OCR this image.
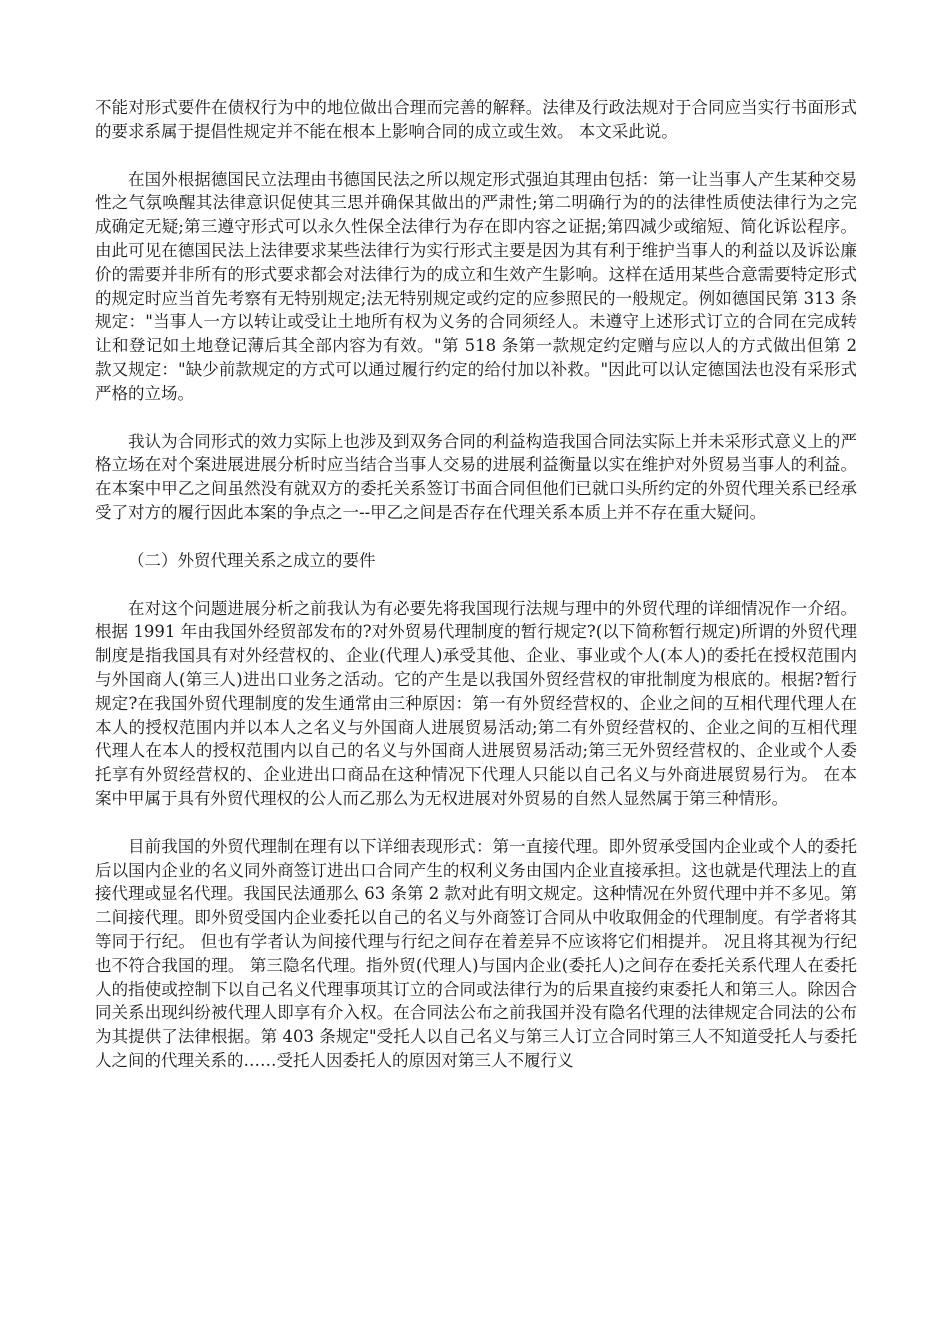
不能对形式要件在债权行为中的地位做出合理而完善的解释。法律及行政法规对于合同应当实行书面形式的要求系属于提倡性规定并不能在根本上影响合同的成立或生效。 本文采此说。

在国外根据德国民立法理由书德国民法之所以规定形式强迫其理由包括：第一让当事人产生某种交易性之气氛唤醒其法律意识促使其三思并确保其做出的严肃性;第二明确行为的的法律性质使法律行为之完成确定无疑;第三遵守形式可以永久性保全法律行为存在即内容之证据;第四减少或缩短、简化诉讼程序。 由此可见在德国民法上法律要求某些法律行为实行形式主要是因为其有利于维护当事人的利益以及诉讼廉价的需要并非所有的形式要求都会对法律行为的成立和生效产生影响。这样在适用某些合意需要特定形式的规定时应当首先考察有无特别规定;法无特别规定或约定的应参照民的一般规定。例如德国民第 313 条规定："当事人一方以转让或受让土地所有权为义务的合同须经人。未遵守上述形式订立的合同在完成转让和登记如土地登记薄后其全部内容为有效。"第 518 条第一款规定约定赠与应以人的方式做出但第 2 款又规定："缺少前款规定的方式可以通过履行约定的给付加以补救。"因此可以认定德国法也没有采形式严格的立场。

我认为合同形式的效力实际上也涉及到双务合同的利益构造我国合同法实际上并未采形式意义上的严格立场在对个案进展进展分析时应当结合当事人交易的进展利益衡量以实在维护对外贸易当事人的利益。在本案中甲乙之间虽然没有就双方的委托关系签订书面合同但他们已就口头所约定的外贸代理关系已经承受了对方的履行因此本案的争点之一--甲乙之间是否存在代理关系本质上并不存在重大疑问。

（二）外贸代理关系之成立的要件

在对这个问题进展分析之前我认为有必要先将我国现行法规与理中的外贸代理的详细情况作一介绍。根据 1991 年由我国外经贸部发布的?对外贸易代理制度的暂行规定?(以下简称暂行规定)所谓的外贸代理制度是指我国具有对外经营权的、企业(代理人)承受其他、企业、事业或个人(本人)的委托在授权范围内与外国商人(第三人)进出口业务之活动。它的产生是以我国外贸经营权的审批制度为根底的。根据?暂行规定?在我国外贸代理制度的发生通常由三种原因：第一有外贸经营权的、企业之间的互相代理代理人在本人的授权范围内并以本人之名义与外国商人进展贸易活动;第二有外贸经营权的、企业之间的互相代理代理人在本人的授权范围内以自己的名义与外国商人进展贸易活动;第三无外贸经营权的、企业或个人委托享有外贸经营权的、企业进出口商品在这种情况下代理人只能以自己名义与外商进展贸易行为。 在本案中甲属于具有外贸代理权的公人而乙那么为无权进展对外贸易的自然人显然属于第三种情形。

目前我国的外贸代理制在理有以下详细表现形式：第一直接代理。即外贸承受国内企业或个人的委托后以国内企业的名义同外商签订进出口合同产生的权利义务由国内企业直接承担。这也就是代理法上的直接代理或显名代理。我国民法通那么 63 条第 2 款对此有明文规定。这种情况在外贸代理中并不多见。第二间接代理。即外贸受国内企业委托以自己的名义与外商签订合同从中收取佣金的代理制度。有学者将其等同于行纪。 但也有学者认为间接代理与行纪之间存在着差异不应该将它们相提并。 况且将其视为行纪也不符合我国的理。 第三隐名代理。指外贸(代理人)与国内企业(委托人)之间存在委托关系代理人在委托人的指使或控制下以自己名义代理事项其订立的合同或法律行为的后果直接约束委托人和第三人。除因合同关系出现纠纷被代理人即享有介入权。在合同法公布之前我国并没有隐名代理的法律规定合同法的公布为其提供了法律根据。第 403 条规定"受托人以自己名义与第三人订立合同时第三人不知道受托人与委托人之间的代理关系的……受托人因委托人的原因对第三人不履行义
